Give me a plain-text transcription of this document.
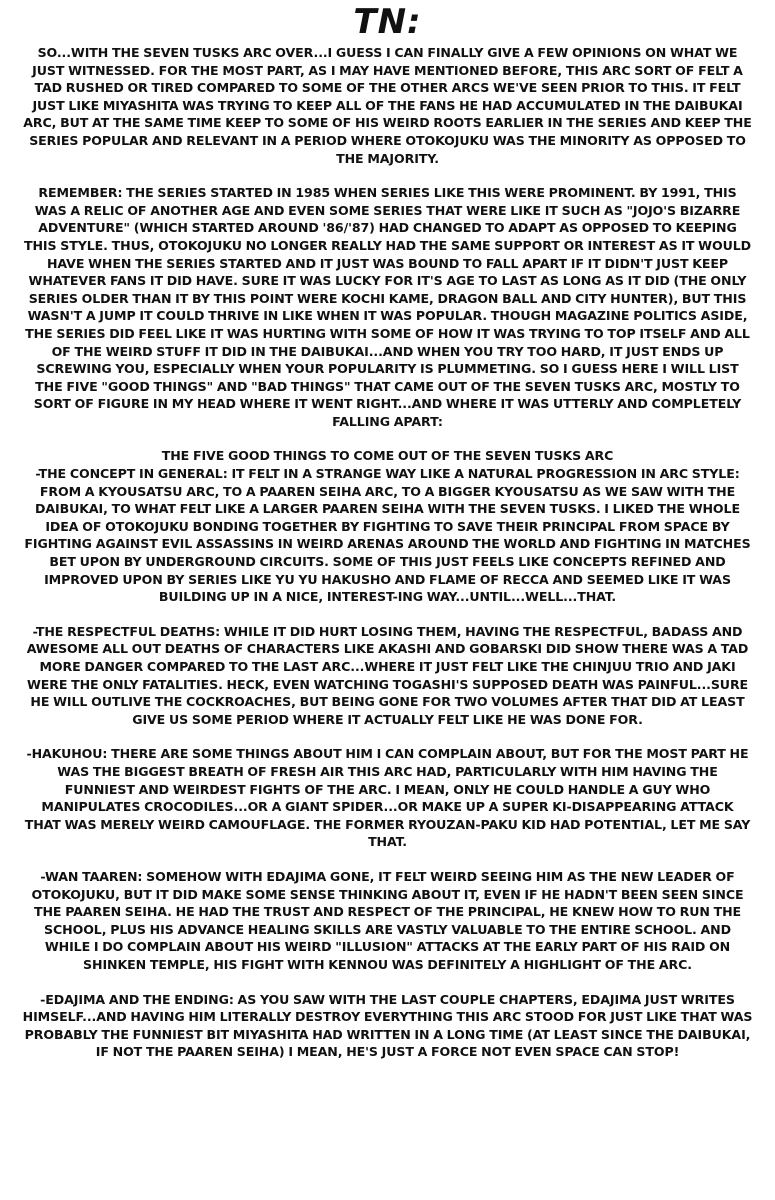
TN:

SO...WITH THE SEVEN TUSKS ARC OVER...I GUESS I CAN FINALLY GIVE A FEW OPINIONS ON WHAT WE JUST WITNESSED. FOR THE MOST PART, AS I MAY HAVE MENTIONED BEFORE, THIS ARC SORT OF FELT A TAD RUSHED OR TIRED COMPARED TO SOME OF THE OTHER ARCS WE'VE SEEN PRIOR TO THIS. IT FELT JUST LIKE MIYASHITA WAS TRYING TO KEEP ALL OF THE FANS HE HAD ACCUMULATED IN THE DAIBUKAI ARC, BUT AT THE SAME TIME KEEP TO SOME OF HIS WEIRD ROOTS EARLIER IN THE SERIES AND KEEP THE SERIES POPULAR AND RELEVANT IN A PERIOD WHERE OTOKOJUKU WAS THE MINORITY AS OPPOSED TO THE MAJORITY.

REMEMBER: THE SERIES STARTED IN 1985 WHEN SERIES LIKE THIS WERE PROMINENT. BY 1991, THIS WAS A RELIC OF ANOTHER AGE AND EVEN SOME SERIES THAT WERE LIKE IT SUCH AS "JOJO'S BIZARRE ADVENTURE" (WHICH STARTED AROUND '86/'87) HAD CHANGED TO ADAPT AS OPPOSED TO KEEPING THIS STYLE. THUS, OTOKOJUKU NO LONGER REALLY HAD THE SAME SUPPORT OR INTEREST AS IT WOULD HAVE WHEN THE SERIES STARTED AND IT JUST WAS BOUND TO FALL APART IF IT DIDN'T JUST KEEP WHATEVER FANS IT DID HAVE. SURE IT WAS LUCKY FOR IT'S AGE TO LAST AS LONG AS IT DID (THE ONLY SERIES OLDER THAN IT BY THIS POINT WERE KOCHI KAME, DRAGON BALL AND CITY HUNTER), BUT THIS WASN'T A JUMP IT COULD THRIVE IN LIKE WHEN IT WAS POPULAR. THOUGH MAGAZINE POLITICS ASIDE, THE SERIES DID FEEL LIKE IT WAS HURTING WITH SOME OF HOW IT WAS TRYING TO TOP ITSELF AND ALL OF THE WEIRD STUFF IT DID IN THE DAIBUKAI...AND WHEN YOU TRY TOO HARD, IT JUST ENDS UP SCREWING YOU, ESPECIALLY WHEN YOUR POPULARITY IS PLUMMETING. SO I GUESS HERE I WILL LIST THE FIVE "GOOD THINGS" AND "BAD THINGS" THAT CAME OUT OF THE SEVEN TUSKS ARC, MOSTLY TO SORT OF FIGURE IN MY HEAD WHERE IT WENT RIGHT...AND WHERE IT WAS UTTERLY AND COMPLETELY FALLING APART:

THE FIVE GOOD THINGS TO COME OUT OF THE SEVEN TUSKS ARC

-THE CONCEPT IN GENERAL: IT FELT IN A STRANGE WAY LIKE A NATURAL PROGRESSION IN ARC STYLE: FROM A KYOUSATSU ARC, TO A PAAREN SEIHA ARC, TO A BIGGER KYOUSATSU AS WE SAW WITH THE DAIBUKAI, TO WHAT FELT LIKE A LARGER PAAREN SEIHA WITH THE SEVEN TUSKS. I LIKED THE WHOLE IDEA OF OTOKOJUKU BONDING TOGETHER BY FIGHTING TO SAVE THEIR PRINCIPAL FROM SPACE BY FIGHTING AGAINST EVIL ASSASSINS IN WEIRD ARENAS AROUND THE WORLD AND FIGHTING IN MATCHES BET UPON BY UNDERGROUND CIRCUITS. SOME OF THIS JUST FEELS LIKE CONCEPTS REFINED AND IMPROVED UPON BY SERIES LIKE YU YU HAKUSHO AND FLAME OF RECCA AND SEEMED LIKE IT WAS BUILDING UP IN A NICE, INTEREST-ING WAY...UNTIL...WELL...THAT.

-THE RESPECTFUL DEATHS: WHILE IT DID HURT LOSING THEM, HAVING THE RESPECTFUL, BADASS AND AWESOME ALL OUT DEATHS OF CHARACTERS LIKE AKASHI AND GOBARSKI DID SHOW THERE WAS A TAD MORE DANGER COMPARED TO THE LAST ARC...WHERE IT JUST FELT LIKE THE CHINJUU TRIO AND JAKI WERE THE ONLY FATALITIES. HECK, EVEN WATCHING TOGASHI'S SUPPOSED DEATH WAS PAINFUL...SURE HE WILL OUTLIVE THE COCKROACHES, BUT BEING GONE FOR TWO VOLUMES AFTER THAT DID AT LEAST GIVE US SOME PERIOD WHERE IT ACTUALLY FELT LIKE HE WAS DONE FOR.

-HAKUHOU: THERE ARE SOME THINGS ABOUT HIM I CAN COMPLAIN ABOUT, BUT FOR THE MOST PART HE WAS THE BIGGEST BREATH OF FRESH AIR THIS ARC HAD, PARTICULARLY WITH HIM HAVING THE FUNNIEST AND WEIRDEST FIGHTS OF THE ARC. I MEAN, ONLY HE COULD HANDLE A GUY WHO MANIPULATES CROCODILES...OR A GIANT SPIDER...OR MAKE UP A SUPER KI-DISAPPEARING ATTACK THAT WAS MERELY WEIRD CAMOUFLAGE. THE FORMER RYOUZAN-PAKU KID HAD POTENTIAL, LET ME SAY THAT.

-WAN TAAREN: SOMEHOW WITH EDAJIMA GONE, IT FELT WEIRD SEEING HIM AS THE NEW LEADER OF OTOKOJUKU, BUT IT DID MAKE SOME SENSE THINKING ABOUT IT, EVEN IF HE HADN'T BEEN SEEN SINCE THE PAAREN SEIHA. HE HAD THE TRUST AND RESPECT OF THE PRINCIPAL, HE KNEW HOW TO RUN THE SCHOOL, PLUS HIS ADVANCE HEALING SKILLS ARE VASTLY VALUABLE TO THE ENTIRE SCHOOL. AND WHILE I DO COMPLAIN ABOUT HIS WEIRD "ILLUSION" ATTACKS AT THE EARLY PART OF HIS RAID ON SHINKEN TEMPLE, HIS FIGHT WITH KENNOU WAS DEFINITELY A HIGHLIGHT OF THE ARC.

-EDAJIMA AND THE ENDING: AS YOU SAW WITH THE LAST COUPLE CHAPTERS, EDAJIMA JUST WRITES HIMSELF...AND HAVING HIM LITERALLY DESTROY EVERYTHING THIS ARC STOOD FOR JUST LIKE THAT WAS PROBABLY THE FUNNIEST BIT MIYASHITA HAD WRITTEN IN A LONG TIME (AT LEAST SINCE THE DAIBUKAI, IF NOT THE PAAREN SEIHA) I MEAN, HE'S JUST A FORCE NOT EVEN SPACE CAN STOP!
